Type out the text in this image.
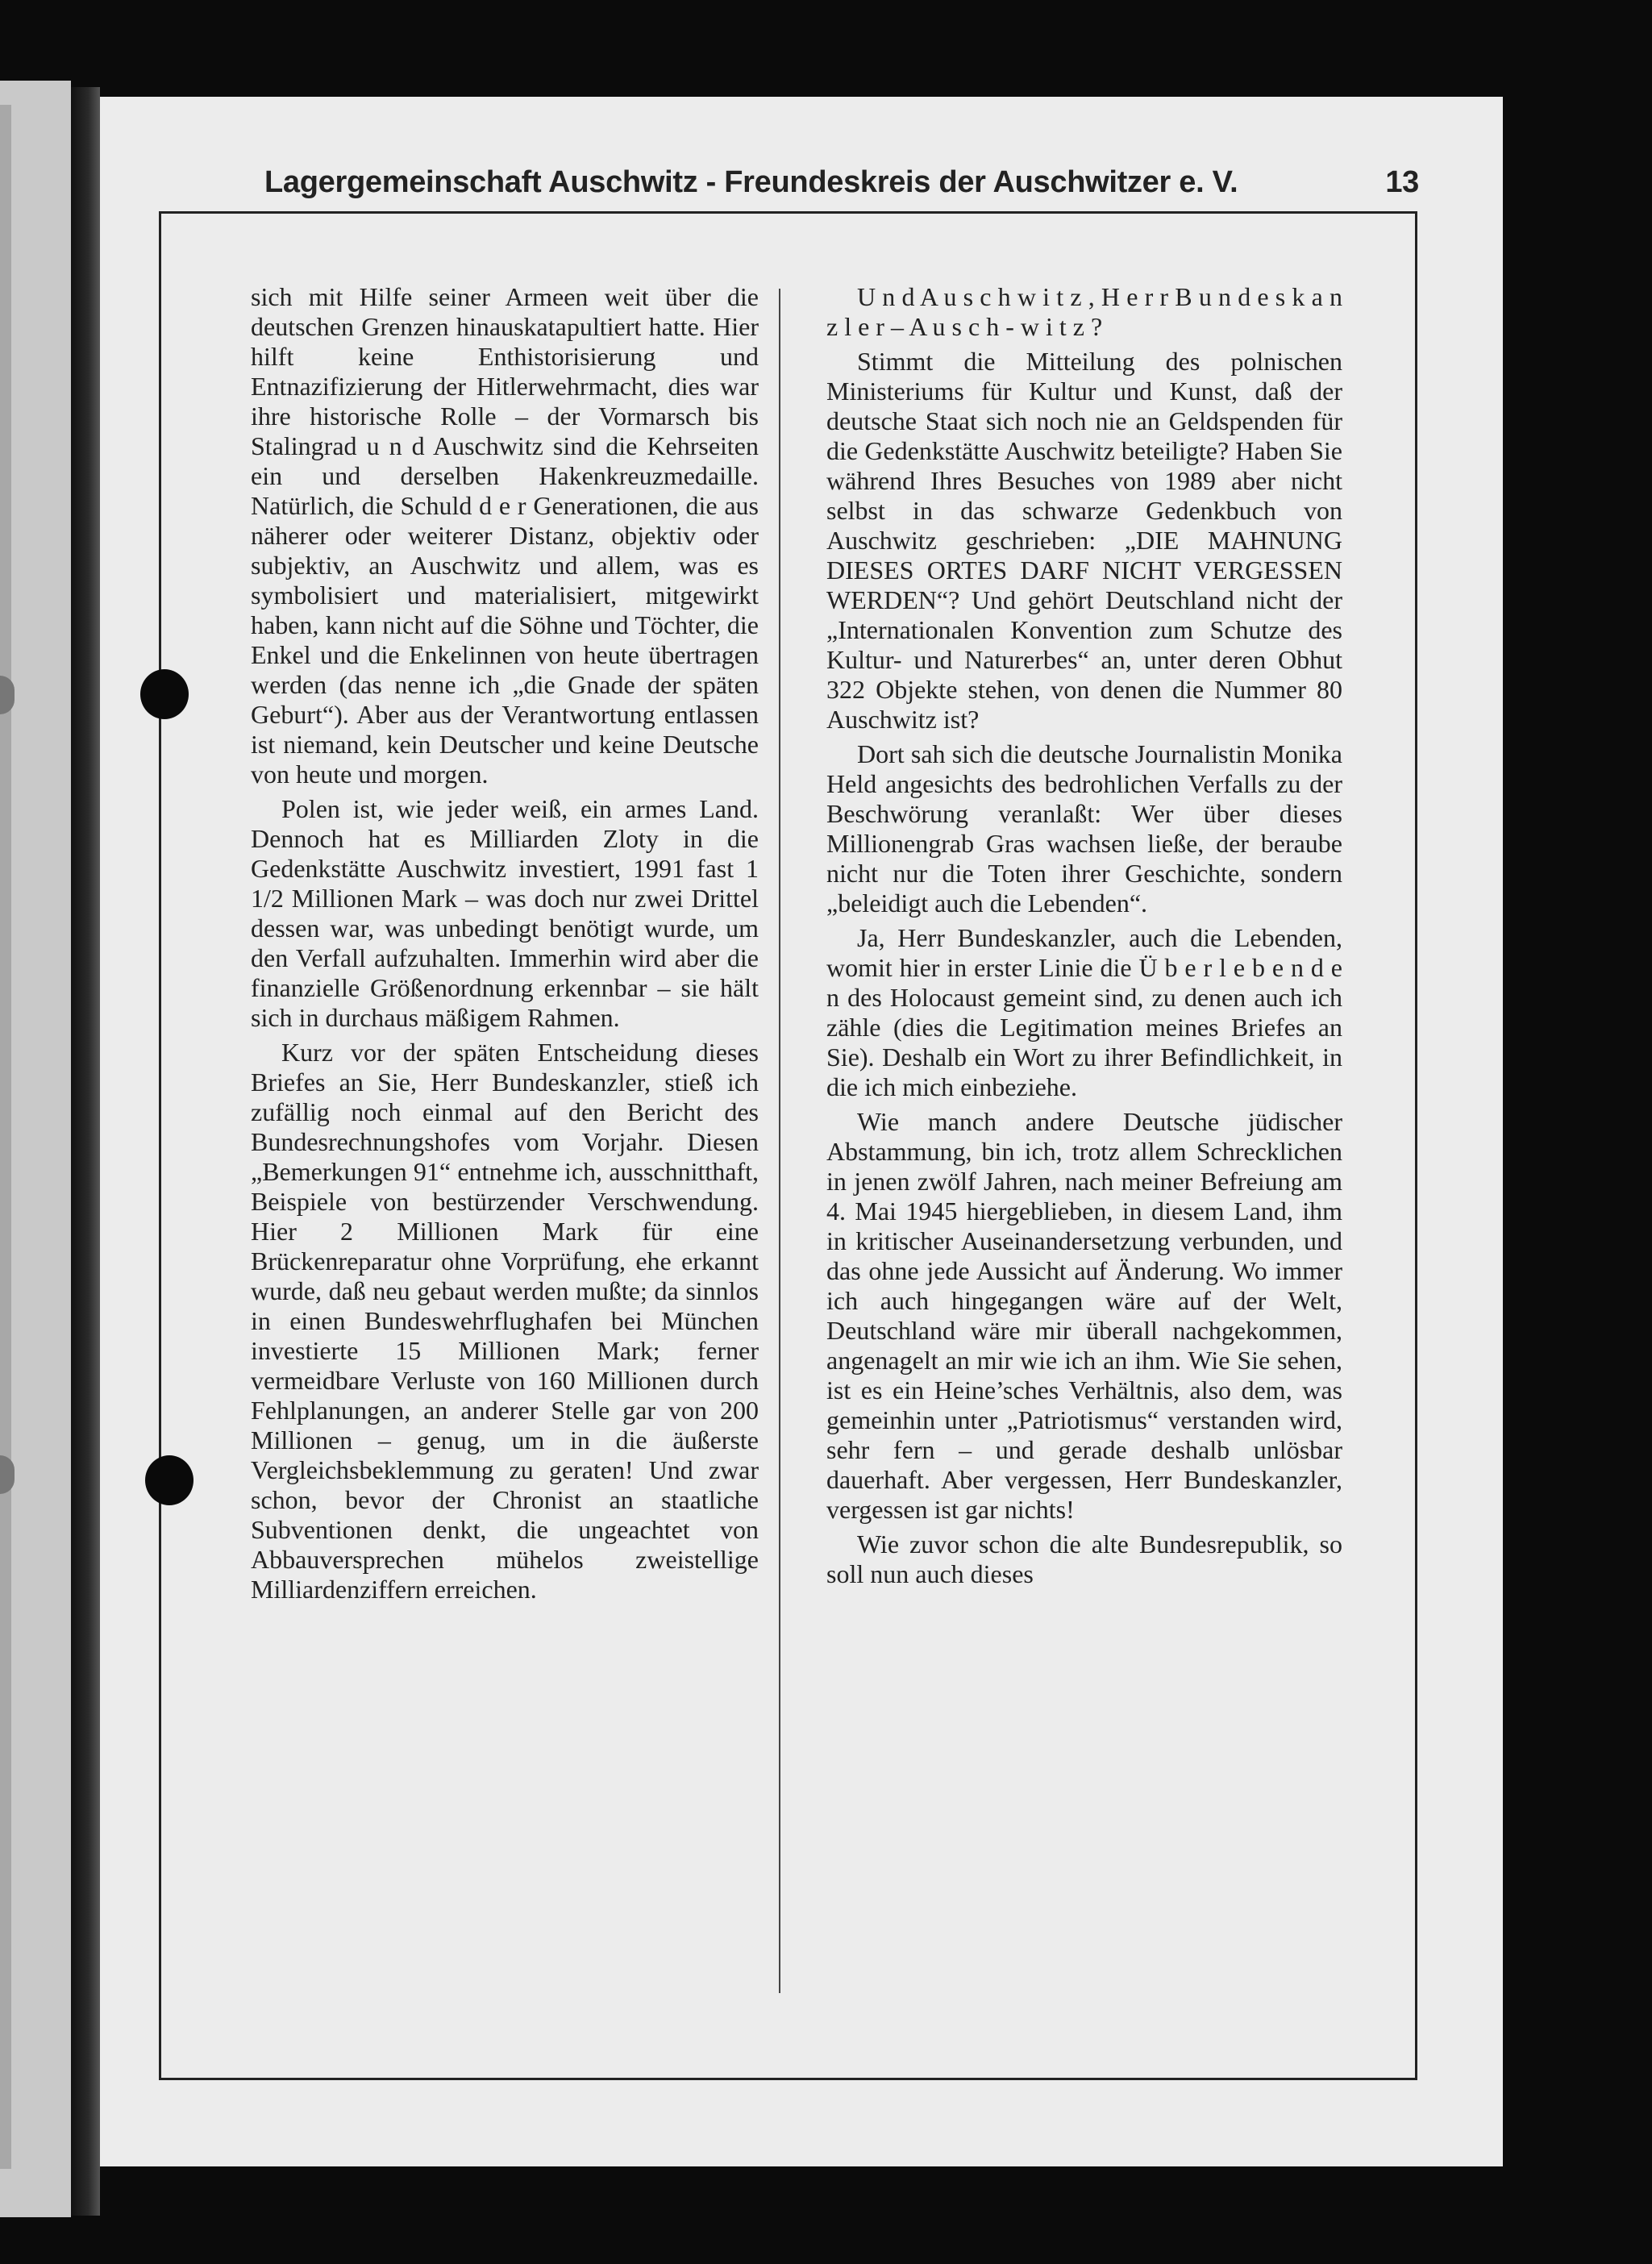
Lagergemeinschaft Auschwitz - Freundeskreis der Auschwitzer e. V.	13

sich mit Hilfe seiner Armeen weit über die deutschen Grenzen hinauskatapultiert hatte. Hier hilft keine Enthistorisierung und Entnazifizierung der Hitlerwehrmacht, dies war ihre historische Rolle – der Vormarsch bis Stalingrad u n d Auschwitz sind die Kehrseiten ein und derselben Hakenkreuzmedaille. Natürlich, die Schuld d e r Generationen, die aus näherer oder weiterer Distanz, objektiv oder subjektiv, an Auschwitz und allem, was es symbolisiert und materialisiert, mitgewirkt haben, kann nicht auf die Söhne und Töchter, die Enkel und die Enkelinnen von heute übertragen werden (das nenne ich „die Gnade der späten Geburt“). Aber aus der Verantwortung entlassen ist niemand, kein Deutscher und keine Deutsche von heute und morgen.

Polen ist, wie jeder weiß, ein armes Land. Dennoch hat es Milliarden Zloty in die Gedenkstätte Auschwitz investiert, 1991 fast 1 1/2 Millionen Mark – was doch nur zwei Drittel dessen war, was unbedingt benötigt wurde, um den Verfall aufzuhalten. Immerhin wird aber die finanzielle Größenordnung erkennbar – sie hält sich in durchaus mäßigem Rahmen.

Kurz vor der späten Entscheidung dieses Briefes an Sie, Herr Bundeskanzler, stieß ich zufällig noch einmal auf den Bericht des Bundesrechnungshofes vom Vorjahr. Diesen „Bemerkungen 91“ entnehme ich, ausschnitthaft, Beispiele von bestürzender Verschwendung. Hier 2 Millionen Mark für eine Brückenreparatur ohne Vorprüfung, ehe erkannt wurde, daß neu gebaut werden mußte; da sinnlos in einen Bundeswehrflughafen bei München investierte 15 Millionen Mark; ferner vermeidbare Verluste von 160 Millionen durch Fehlplanungen, an anderer Stelle gar von 200 Millionen – genug, um in die äußerste Vergleichsbeklemmung zu geraten! Und zwar schon, bevor der Chronist an staatliche Subventionen denkt, die ungeachtet von Abbauversprechen mühelos zweistellige Milliardenziffern erreichen.

U n d A u s c h w i t z , H e r r B u n d e s k a n z l e r – A u s c h - w i t z ?

Stimmt die Mitteilung des polnischen Ministeriums für Kultur und Kunst, daß der deutsche Staat sich noch nie an Geldspenden für die Gedenkstätte Auschwitz beteiligte? Haben Sie während Ihres Besuches von 1989 aber nicht selbst in das schwarze Gedenkbuch von Auschwitz geschrieben: „DIE MAHNUNG DIESES ORTES DARF NICHT VERGESSEN WERDEN“? Und gehört Deutschland nicht der „Internationalen Konvention zum Schutze des Kultur- und Naturerbes“ an, unter deren Obhut 322 Objekte stehen, von denen die Nummer 80 Auschwitz ist?

Dort sah sich die deutsche Journalistin Monika Held angesichts des bedrohlichen Verfalls zu der Beschwörung veranlaßt: Wer über dieses Millionengrab Gras wachsen ließe, der beraube nicht nur die Toten ihrer Geschichte, sondern „beleidigt auch die Lebenden“.

Ja, Herr Bundeskanzler, auch die Lebenden, womit hier in erster Linie die Ü b e r l e b e n d e n des Holocaust gemeint sind, zu denen auch ich zähle (dies die Legitimation meines Briefes an Sie). Deshalb ein Wort zu ihrer Befindlichkeit, in die ich mich einbeziehe.

Wie manch andere Deutsche jüdischer Abstammung, bin ich, trotz allem Schrecklichen in jenen zwölf Jahren, nach meiner Befreiung am 4. Mai 1945 hiergeblieben, in diesem Land, ihm in kritischer Auseinandersetzung verbunden, und das ohne jede Aussicht auf Änderung. Wo immer ich auch hingegangen wäre auf der Welt, Deutschland wäre mir überall nachgekommen, angenagelt an mir wie ich an ihm. Wie Sie sehen, ist es ein Heine’sches Verhältnis, also dem, was gemeinhin unter „Patriotismus“ verstanden wird, sehr fern – und gerade deshalb unlösbar dauerhaft. Aber vergessen, Herr Bundeskanzler, vergessen ist gar nichts!

Wie zuvor schon die alte Bundesrepublik, so soll nun auch dieses
